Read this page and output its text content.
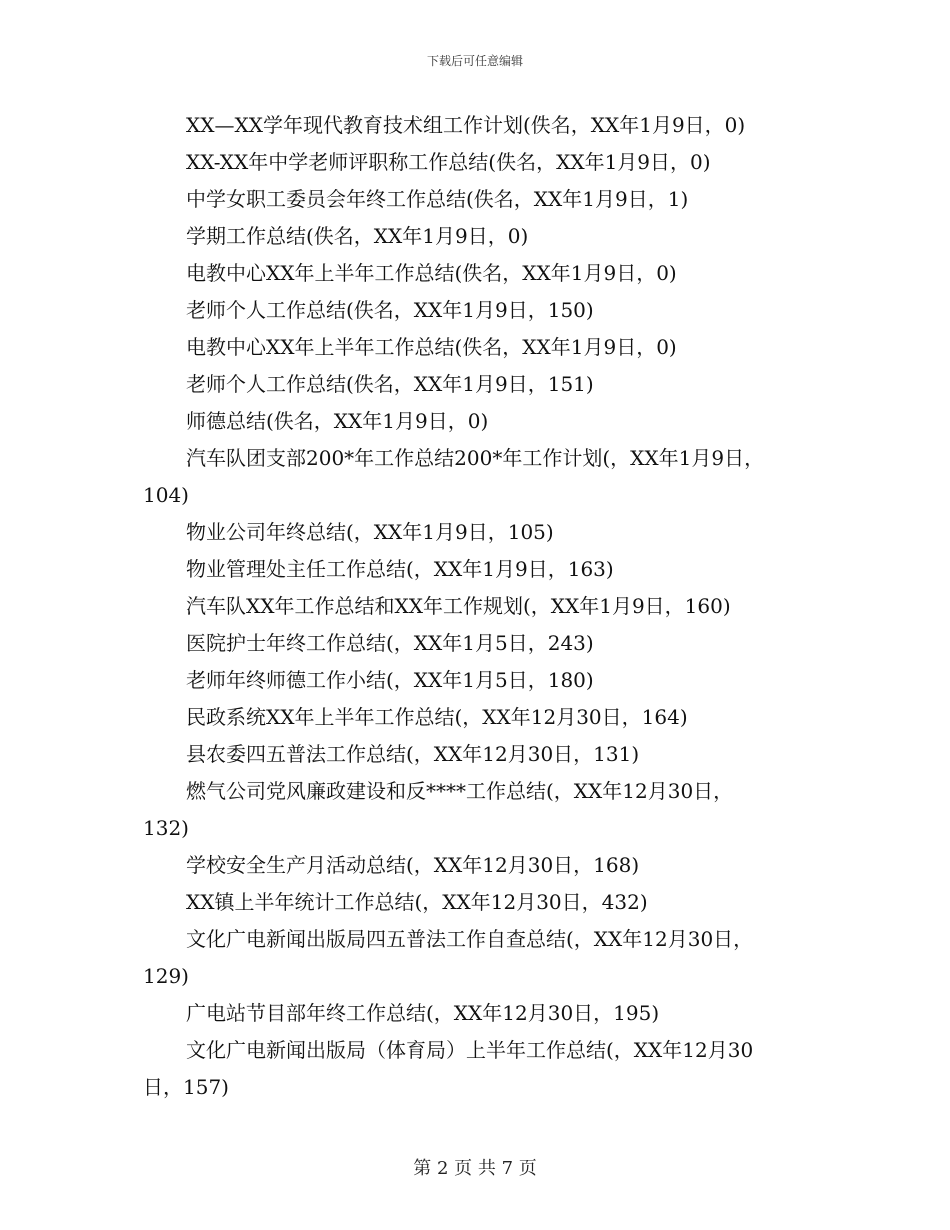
下载后可任意编辑
XX—XX学年现代教育技术组工作计划(佚名，XX年1月9日，0)
XX-XX年中学老师评职称工作总结(佚名，XX年1月9日，0)
中学女职工委员会年终工作总结(佚名，XX年1月9日，1)
学期工作总结(佚名，XX年1月9日，0)
电教中心XX年上半年工作总结(佚名，XX年1月9日，0)
老师个人工作总结(佚名，XX年1月9日，150)
电教中心XX年上半年工作总结(佚名，XX年1月9日，0)
老师个人工作总结(佚名，XX年1月9日，151)
师德总结(佚名，XX年1月9日，0)
汽车队团支部200*年工作总结200*年工作计划(，XX年1月9日，
104)
物业公司年终总结(，XX年1月9日，105)
物业管理处主任工作总结(，XX年1月9日，163)
汽车队XX年工作总结和XX年工作规划(，XX年1月9日，160)
医院护士年终工作总结(，XX年1月5日，243)
老师年终师德工作小结(，XX年1月5日，180)
民政系统XX年上半年工作总结(，XX年12月30日，164)
县农委四五普法工作总结(，XX年12月30日，131)
燃气公司党风廉政建设和反****工作总结(，XX年12月30日，
132)
学校安全生产月活动总结(，XX年12月30日，168)
XX镇上半年统计工作总结(，XX年12月30日，432)
文化广电新闻出版局四五普法工作自查总结(，XX年12月30日，
129)
广电站节目部年终工作总结(，XX年12月30日，195)
文化广电新闻出版局（体育局）上半年工作总结(，XX年12月30
日，157)
第 2 页 共 7 页
